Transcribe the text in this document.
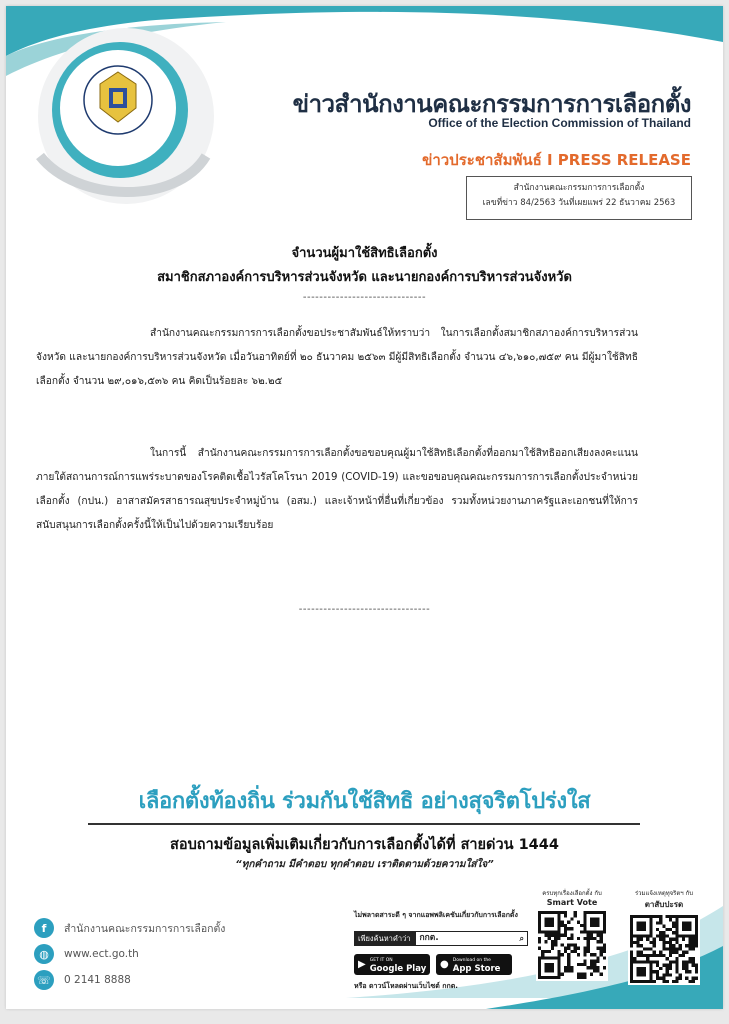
ข่าวสำนักงานคณะกรรมการการเลือกตั้ง
Office of the Election Commission of Thailand
ข่าวประชาสัมพันธ์ I PRESS RELEASE
สำนักงานคณะกรรมการการเลือกตั้ง
เลขที่ข่าว 84/2563 วันที่เผยแพร่ 22 ธันวาคม 2563
จำนวนผู้มาใช้สิทธิเลือกตั้ง
สมาชิกสภาองค์การบริหารส่วนจังหวัด และนายกองค์การบริหารส่วนจังหวัด
------------------------------
สำนักงานคณะกรรมการการเลือกตั้งขอประชาสัมพันธ์ให้ทราบว่า ในการเลือกตั้งสมาชิกสภาองค์การบริหารส่วนจังหวัด และนายกองค์การบริหารส่วนจังหวัด เมื่อวันอาทิตย์ที่ ๒๐ ธันวาคม ๒๕๖๓ มีผู้มีสิทธิเลือกตั้ง จำนวน ๔๖,๖๑๐,๗๕๙ คน มีผู้มาใช้สิทธิเลือกตั้ง จำนวน ๒๙,๐๑๖,๕๓๖ คน คิดเป็นร้อยละ ๖๒.๒๕
ในการนี้ สำนักงานคณะกรรมการการเลือกตั้งขอขอบคุณผู้มาใช้สิทธิเลือกตั้งที่ออกมาใช้สิทธิออกเสียงลงคะแนนภายใต้สถานการณ์การแพร่ระบาดของโรคติดเชื้อไวรัสโคโรนา 2019 (COVID-19) และขอขอบคุณคณะกรรมการการเลือกตั้งประจำหน่วยเลือกตั้ง (กปน.) อาสาสมัครสาธารณสุขประจำหมู่บ้าน (อสม.) และเจ้าหน้าที่อื่นที่เกี่ยวข้อง รวมทั้งหน่วยงานภาครัฐและเอกชนที่ให้การสนับสนุนการเลือกตั้งครั้งนี้ให้เป็นไปด้วยความเรียบร้อย
--------------------------------
เลือกตั้งท้องถิ่น ร่วมกันใช้สิทธิ อย่างสุจริตโปร่งใส
สอบถามข้อมูลเพิ่มเติมเกี่ยวกับการเลือกตั้งได้ที่ สายด่วน 1444
“ทุกคำถาม มีคำตอบ ทุกคำตอบ เราติดตามด้วยความใส่ใจ”
f	สำนักงานคณะกรรมการการเลือกตั้ง
◍	www.ect.go.th
☏ 0 2141 8888
ไม่พลาดสาระดี ๆ จากแอพพลิเคชันเกี่ยวกับการเลือกตั้ง
เพียงค้นหาคำว่า	กกต.	⌕
▶ GET IT ON
Google Play ● Download on the
App Store
หรือ ดาวน์โหลดผ่านเว็บไซต์ กกต.
ครบทุกเรื่องเลือกตั้ง กับ
Smart Vote
ร่วมแจ้งเหตุทุจริตฯ กับ
ตาสับปะรด
